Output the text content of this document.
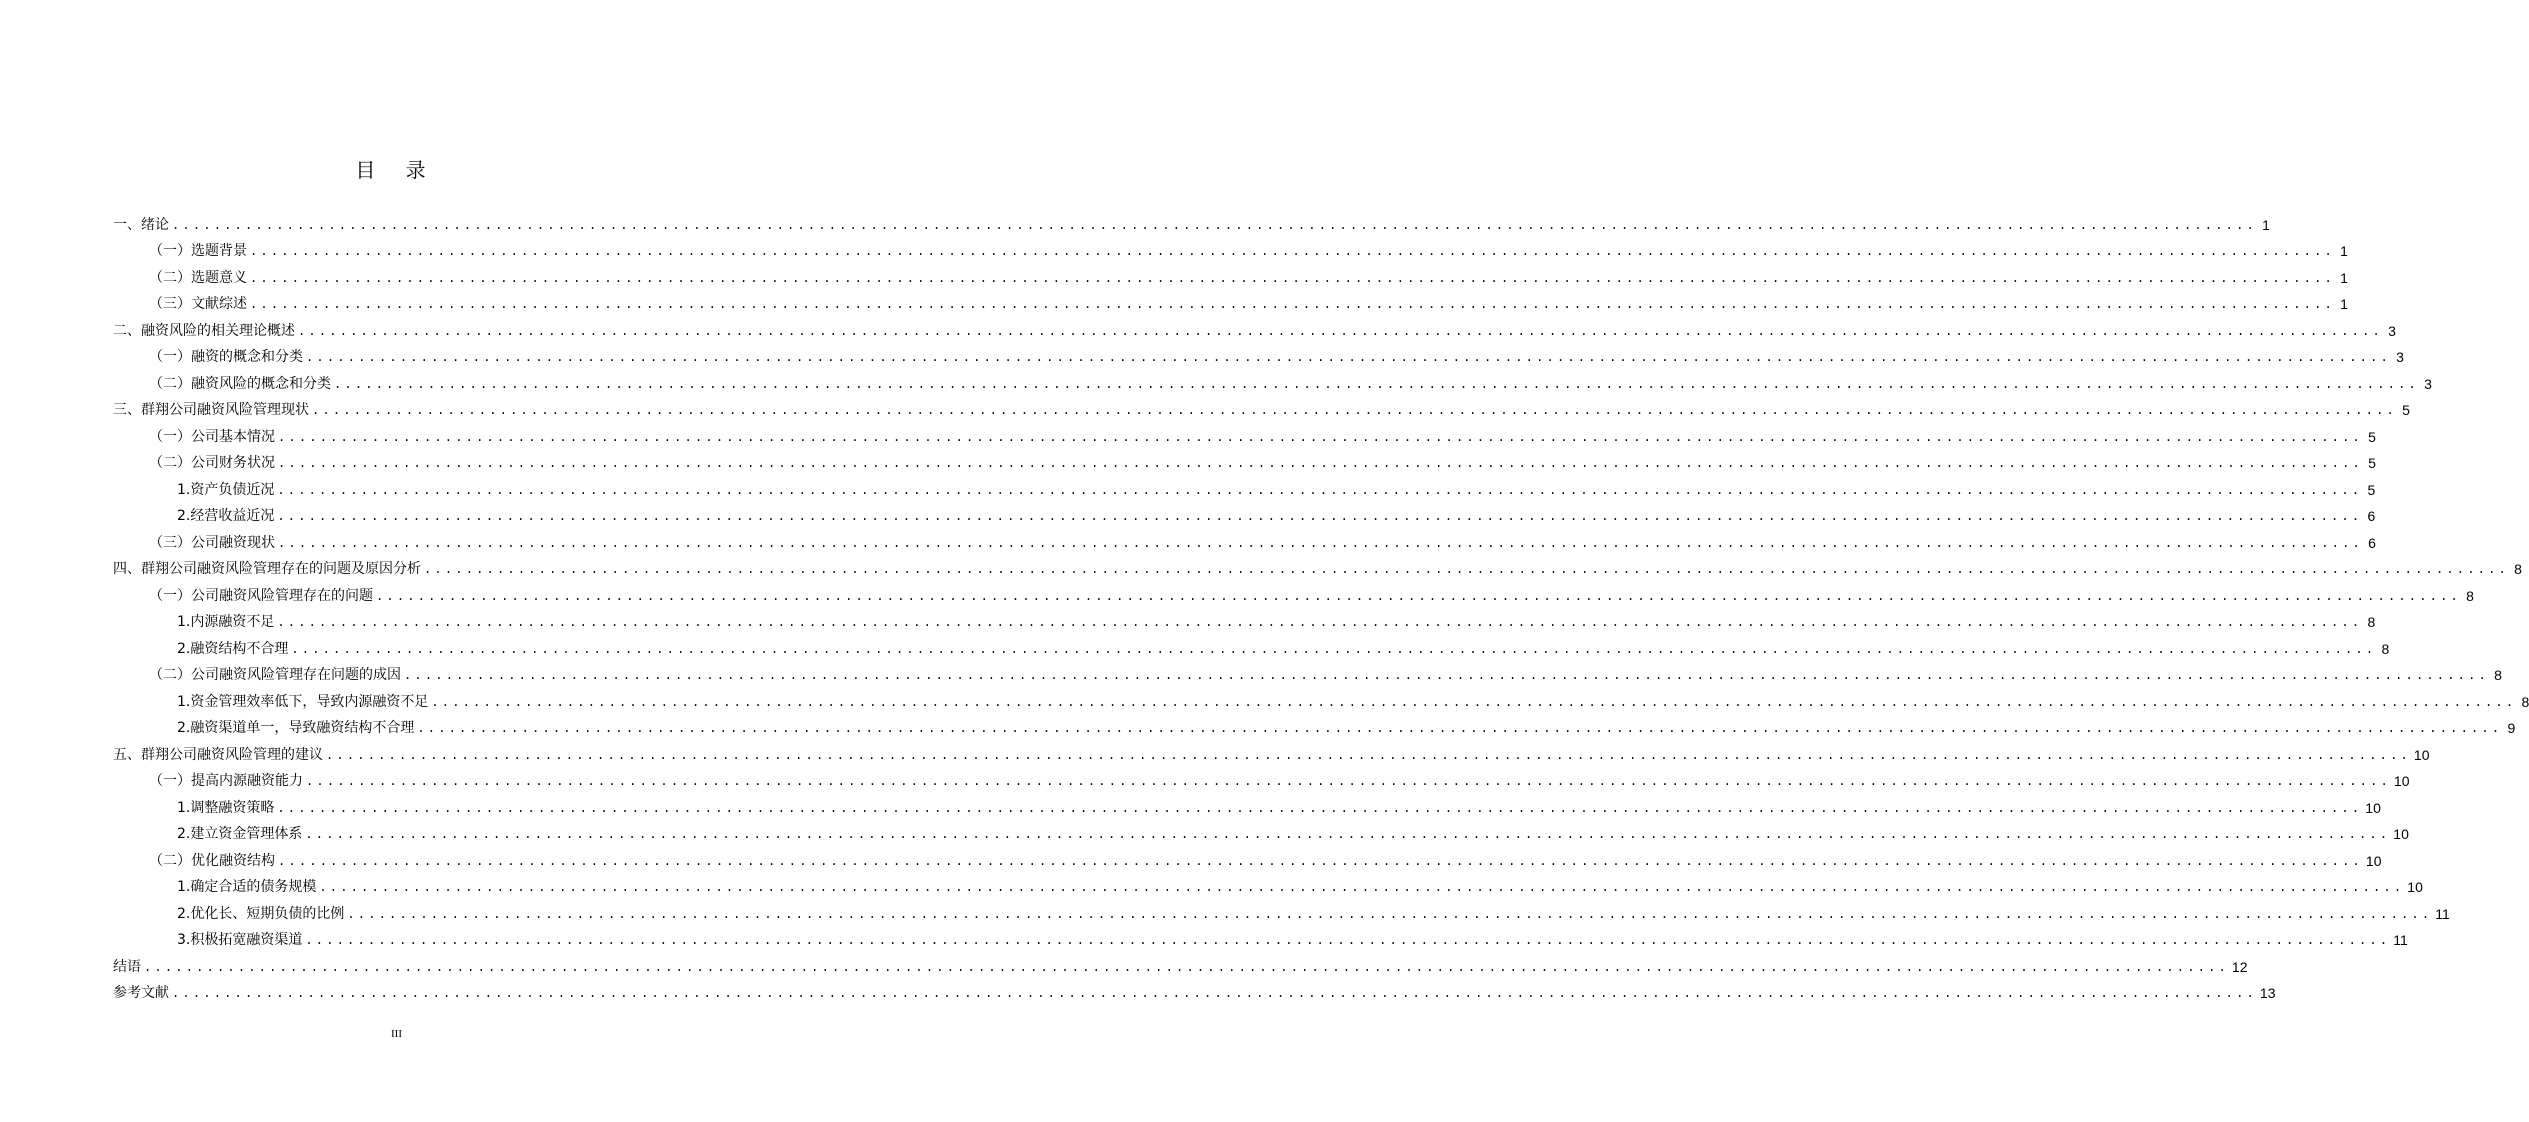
目 录
一、绪论 ........................................................................................................................................................................................................ 1
（一）选题背景 ........................................................................................................................................................................................................ 1
（二）选题意义 ........................................................................................................................................................................................................ 1
（三）文献综述 ........................................................................................................................................................................................................ 1
二、融资风险的相关理论概述 ........................................................................................................................................................................................................ 3
（一）融资的概念和分类 ........................................................................................................................................................................................................ 3
（二）融资风险的概念和分类 ........................................................................................................................................................................................................ 3
三、群翔公司融资风险管理现状 ........................................................................................................................................................................................................ 5
（一）公司基本情况 ........................................................................................................................................................................................................ 5
（二）公司财务状况 ........................................................................................................................................................................................................ 5
1.资产负债近况 ........................................................................................................................................................................................................ 5
2.经营收益近况 ........................................................................................................................................................................................................ 6
（三）公司融资现状 ........................................................................................................................................................................................................ 6
四、群翔公司融资风险管理存在的问题及原因分析 ........................................................................................................................................................................................................ 8
（一）公司融资风险管理存在的问题 ........................................................................................................................................................................................................ 8
1.内源融资不足 ........................................................................................................................................................................................................ 8
2.融资结构不合理 ........................................................................................................................................................................................................ 8
（二）公司融资风险管理存在问题的成因 ........................................................................................................................................................................................................ 8
1.资金管理效率低下，导致内源融资不足 ........................................................................................................................................................................................................ 8
2.融资渠道单一，导致融资结构不合理 ........................................................................................................................................................................................................ 9
五、群翔公司融资风险管理的建议 ........................................................................................................................................................................................................ 10
（一）提高内源融资能力 ........................................................................................................................................................................................................ 10
1.调整融资策略 ........................................................................................................................................................................................................ 10
2.建立资金管理体系 ........................................................................................................................................................................................................ 10
（二）优化融资结构 ........................................................................................................................................................................................................ 10
1.确定合适的债务规模 ........................................................................................................................................................................................................ 10
2.优化长、短期负债的比例 ........................................................................................................................................................................................................ 11
3.积极拓宽融资渠道 ........................................................................................................................................................................................................ 11
结语 ........................................................................................................................................................................................................ 12
参考文献 ........................................................................................................................................................................................................ 13
III
